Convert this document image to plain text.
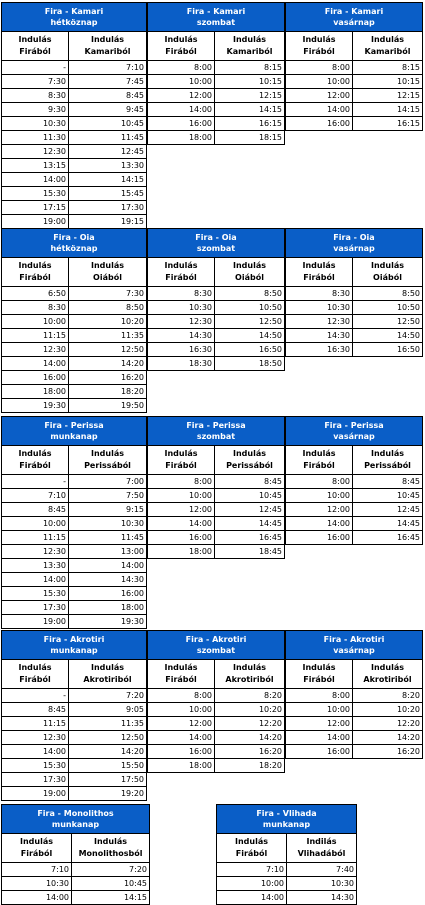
Fira - Kamari
hétköznap	
Indulás
Firából	Indulás
Kamariból
-	7:10
7:30	7:45
8:30	8:45
9:30	9:45
10:30	10:45
11:30	11:45
12:30	12:45
13:15	13:30
14:00	14:15
15:30	15:45
17:15	17:30
19:00	19:15
Fira - Kamari
szombat	
Indulás
Firából	Indulás
Kamariból
8:00	8:15
10:00	10:15
12:00	12:15
14:00	14:15
16:00	16:15
18:00	18:15
Fira - Kamari
vasárnap	
Indulás
Firából	Indulás
Kamariból
8:00	8:15
10:00	10:15
12:00	12:15
14:00	14:15
16:00	16:15
Fira - Oia
hétköznap	
Indulás
Firából	Indulás
Oiából
6:50	7:30
8:30	8:50
10:00	10:20
11:15	11:35
12:30	12:50
14:00	14:20
16:00	16:20
18:00	18:20
19:30	19:50
Fira - Oia
szombat	
Indulás
Firából	Indulás
Oiából
8:30	8:50
10:30	10:50
12:30	12:50
14:30	14:50
16:30	16:50
18:30	18:50
Fira - Oia
vasárnap	
Indulás
Firából	Indulás
Oiából
8:30	8:50
10:30	10:50
12:30	12:50
14:30	14:50
16:30	16:50
Fira - Perissa
munkanap	
Indulás
Firából	Indulás
Perissából
-	7:00
7:10	7:50
8:45	9:15
10:00	10:30
11:15	11:45
12:30	13:00
13:30	14:00
14:00	14:30
15:30	16:00
17:30	18:00
19:00	19:30
Fira - Perissa
szombat	
Indulás
Firából	Indulás
Perissából
8:00	8:45
10:00	10:45
12:00	12:45
14:00	14:45
16:00	16:45
18:00	18:45
Fira - Perissa
vasárnap	
Indulás
Firából	Indulás
Perissából
8:00	8:45
10:00	10:45
12:00	12:45
14:00	14:45
16:00	16:45
Fira - Akrotiri
munkanap	
Indulás
Firából	Indulás
Akrotiriból
-	7:20
8:45	9:05
11:15	11:35
12:30	12:50
14:00	14:20
15:30	15:50
17:30	17:50
19:00	19:20
Fira - Akrotiri
szombat	
Indulás
Firából	Indulás
Akrotiriból
8:00	8:20
10:00	10:20
12:00	12:20
14:00	14:20
16:00	16:20
18:00	18:20
Fira - Akrotiri
vasárnap	
Indulás
Firából	Indulás
Akrotiriból
8:00	8:20
10:00	10:20
12:00	12:20
14:00	14:20
16:00	16:20
Fira - Monolithos
munkanap	
Indulás
Firából	Indulás
Monolithosból
7:10	7:20
10:30	10:45
14:00	14:15
Fira - Vlihada
munkanap	
Indulás
Firából	Indilás
Vlihadából
7:10	7:40
10:00	10:30
14:00	14:30
